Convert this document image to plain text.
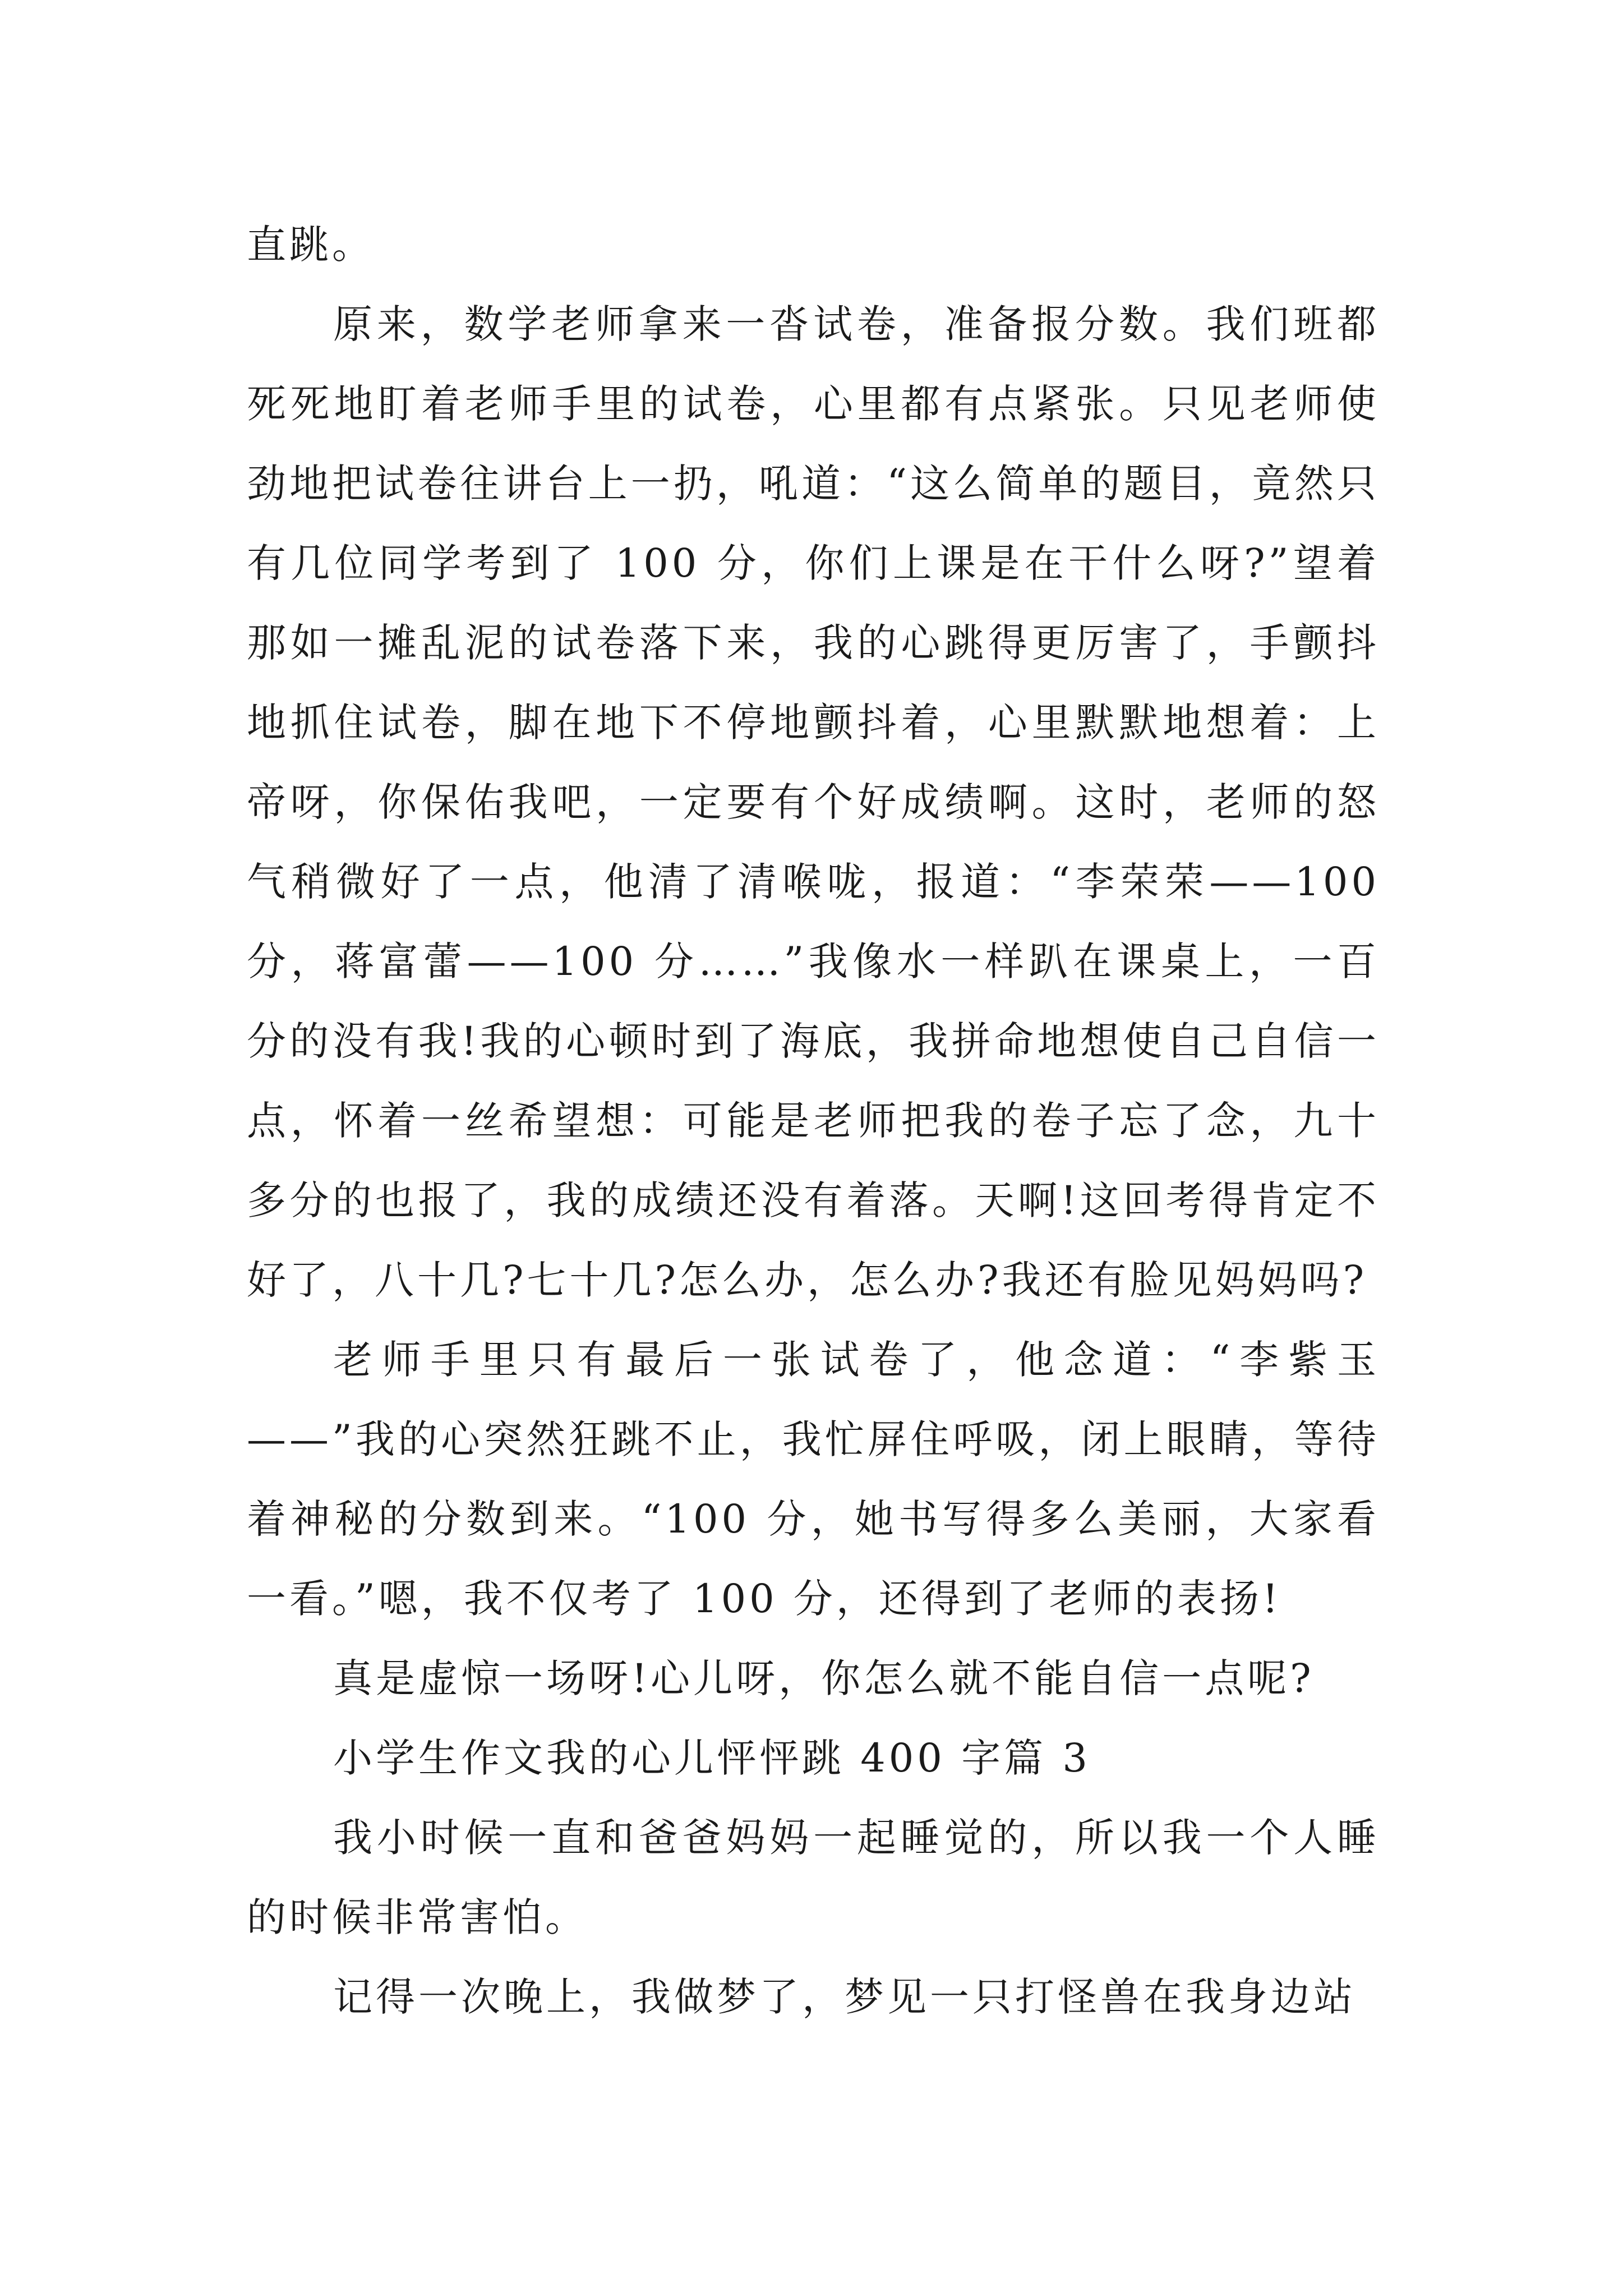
直跳。

原来，数学老师拿来一沓试卷，准备报分数。我们班都死死地盯着老师手里的试卷，心里都有点紧张。只见老师使劲地把试卷往讲台上一扔，吼道：“这么简单的题目，竟然只有几位同学考到了 100 分，你们上课是在干什么呀?”望着那如一摊乱泥的试卷落下来，我的心跳得更厉害了，手颤抖地抓住试卷，脚在地下不停地颤抖着，心里默默地想着：上帝呀，你保佑我吧，一定要有个好成绩啊。这时，老师的怒气稍微好了一点，他清了清喉咙，报道：“李荣荣——100 分，蒋富蕾——100 分……”我像水一样趴在课桌上，一百分的没有我!我的心顿时到了海底，我拼命地想使自己自信一点，怀着一丝希望想：可能是老师把我的卷子忘了念，九十多分的也报了，我的成绩还没有着落。天啊!这回考得肯定不好了，八十几?七十几?怎么办，怎么办?我还有脸见妈妈吗?

老师手里只有最后一张试卷了，他念道：“李紫玉——”我的心突然狂跳不止，我忙屏住呼吸，闭上眼睛，等待着神秘的分数到来。“100 分，她书写得多么美丽，大家看一看。”嗯，我不仅考了 100 分，还得到了老师的表扬!

真是虚惊一场呀!心儿呀，你怎么就不能自信一点呢?

小学生作文我的心儿怦怦跳 400 字篇 3

我小时候一直和爸爸妈妈一起睡觉的，所以我一个人睡的时候非常害怕。

记得一次晚上，我做梦了，梦见一只打怪兽在我身边站
